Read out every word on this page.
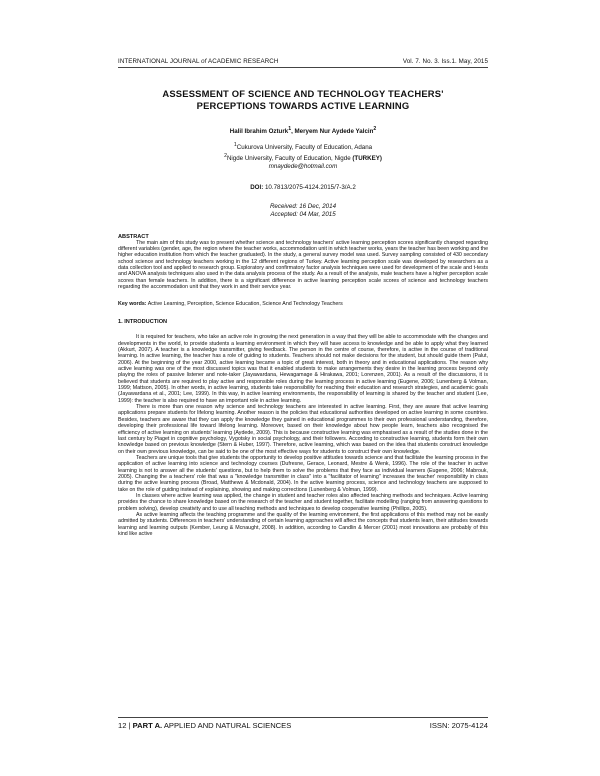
INTERNATIONAL JOURNAL of ACADEMIC RESEARCH	Vol. 7. No. 3. Iss.1. May, 2015
ASSESSMENT OF SCIENCE AND TECHNOLOGY TEACHERS'
PERCEPTIONS TOWARDS ACTIVE LEARNING
Halil Ibrahim Ozturk$^1$, Meryem Nur Aydede Yalcin$^2$
$^1$Cukurova University, Faculty of Education, Adana
$^2$Nigde University, Faculty of Education, Nigde (TURKEY)
mnaydede@hotmail.com
DOI: 10.7813/2075-4124.2015/7-3/A.2
Received: 16 Dec, 2014
Accepted: 04 Mar, 2015
ABSTRACT

The main aim of this study was to present whether science and technology teachers' active learning perception scores significantly changed regarding different variables (gender, age, the region where the teacher works, accommodation unit in which teacher works, years the teacher has been working and the higher education institution from which the teacher graduated). In the study, a general survey model was used. Survey sampling consisted of 430 secondary school science and technology teachers working in the 12 different regions of Turkey. Active learning perception scale was developed by researchers as a data collection tool and applied to research group. Exploratory and confirmatory factor analysis techniques were used for development of the scale and t-tests and ANOVA analysis techniques also used in the data analysis process of the study. As a result of the analysis, male teachers have a higher perception scale scores than female teachers. In addition, there is a significant difference in active learning perception scale scores of science and technology teachers regarding the accommodation unit that they work in and their service year.

Key words: Active Learning, Perception, Science Education, Science And Technology Teachers
1. INTRODUCTION

It is required for teachers, who take an active role in growing the next generation in a way that they will be able to accommodate with the changes and developments in the world, to provide students a learning environment in which they will have access to knowledge and be able to apply what they learned (Akkurt, 2007). A teacher is a knowledge transmitter, giving feedback. The person in the centre of course, therefore, is active in the course of traditional learning. In active learning, the teacher has a role of guiding to students. Teachers should not make decisions for the student, but should guide them (Palut, 2006). At the beginning of the year 2000, active learning became a topic of great interest, both in theory and in educational applications. The reason why active learning was one of the most discussed topics was that it enabled students to make arrangements they desire in the learning process beyond only playing the roles of passive listener and note-taker (Jayawardana, Hewagamage & Hirakawa, 2001; Lorenzen, 2001). As a result of the discussions, it is believed that students are required to play active and responsible roles during the learning process in active learning (Eugene, 2006; Lunenberg & Volman, 1999; Mattson, 2005). In other words, in active learning, students take responsibility for reaching their education and research strategies, and academic goals (Jayawardana et al., 2001; Lee, 1999). In this way, in active learning environments, the responsibility of learning is shared by the teacher and student (Lee, 1999): the teacher is also required to have an important role in active learning.

There is more than one reason why science and technology teachers are interested in active learning. First, they are aware that active learning applications prepare students for lifelong learning. Another reason is the policies that educational authorities developed on active learning in some countries. Besides, teachers are aware that they can apply the knowledge they gained in educational programmes to their own professional understanding, therefore, developing their professional life toward lifelong learning. Moreover, based on their knowledge about how people learn, teachers also recognised the efficiency of active learning on students' learning (Aydede, 2009). This is because constructive learning was emphasised as a result of the studies done in the last century by Piaget in cognitive psychology, Vygotsky in social psychology, and their followers. According to constructive learning, students form their own knowledge based on previous knowledge (Stern & Huber, 1997). Therefore, active learning, which was based on the idea that students construct knowledge on their own previous knowledge, can be said to be one of the most effective ways for students to construct their own knowledge.

Teachers are unique tools that give students the opportunity to develop positive attitudes towards science and that facilitate the learning process in the application of active learning into science and technology courses (Dufresne, Gerace, Leonard, Mestre & Wenk, 1996). The role of the teacher in active learning is not to answer all the students' questions, but to help them to solve the problems that they face as individual learners (Eugene, 2006; Mabrouk, 2005). Changing the a teachers' role that was a "knowledge transmitter in class" into a "facilitator of learning" increases the teacher' responsibility in class during the active learning process (Broad, Matthews & Mcdonald, 2004). In the active learning process, science and technology teachers are supposed to take on the role of guiding instead of explaining, showing and making corrections (Lunenberg & Volman, 1999).

In classes where active learning was applied, the change in student and teacher roles also affected teaching methods and techniques. Active learning provides the chance to share knowledge based on the research of the teacher and student together, facilitate modelling (ranging from answering questions to problem solving), develop creativity and to use all teaching methods and techniques to develop cooperative learning (Phillips, 2005).

As active learning affects the teaching programme and the quality of the learning environment, the first applications of this method may not be easily admitted by students. Differences in teachers' understanding of certain learning approaches will affect the concepts that students learn, their attitudes towards learning and learning outputs (Kember, Leung & Mcnaught, 2008). In addition, according to Candlin & Mercer (2001) most innovations are probably of this kind like active

12 | PART A. APPLIED AND NATURAL SCIENCES	ISSN: 2075-4124
